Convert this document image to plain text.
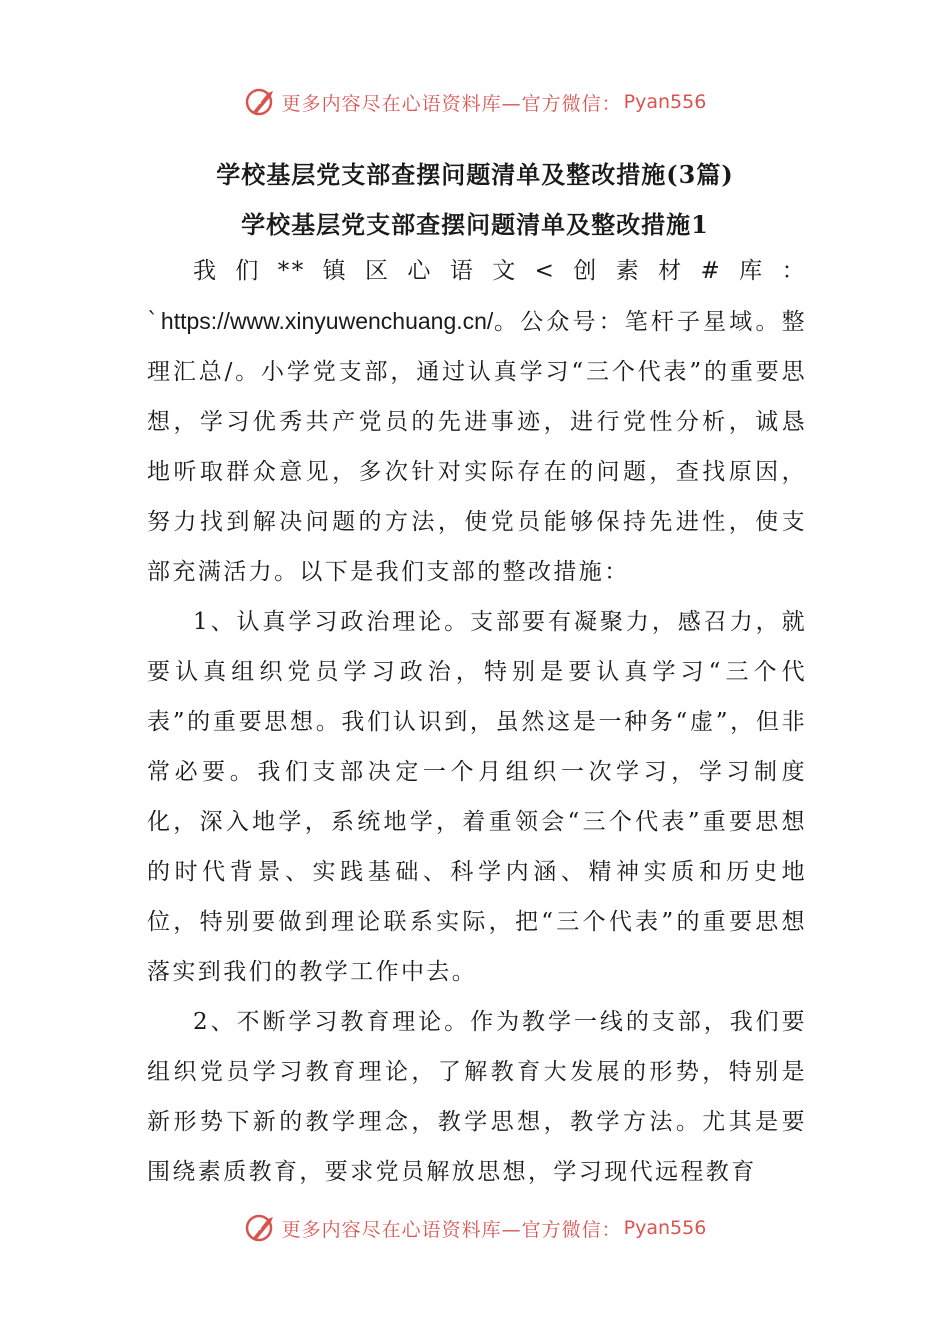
更多内容尽在心语资料库—官方微信： Pyan556
学校基层党支部查摆问题清单及整改措施(3篇)
学校基层党支部查摆问题清单及整改措施1

我们**镇区心语文<创素材#库： `https://www.xinyuwenchuang.cn/。公众号：笔杆子星域。整理汇总/。小学党支部，通过认真学习“三个代表”的重要思想，学习优秀共产党员的先进事迹，进行党性分析，诚恳地听取群众意见，多次针对实际存在的问题，查找原因，努力找到解决问题的方法，使党员能够保持先进性，使支部充满活力。以下是我们支部的整改措施：

1、认真学习政治理论。支部要有凝聚力，感召力，就要认真组织党员学习政治，特别是要认真学习“三个代表”的重要思想。我们认识到，虽然这是一种务“虚”，但非常必要。我们支部决定一个月组织一次学习，学习制度化，深入地学，系统地学，着重领会“三个代表”重要思想的时代背景、实践基础、科学内涵、精神实质和历史地位，特别要做到理论联系实际，把“三个代表”的重要思想落实到我们的教学工作中去。

2、不断学习教育理论。作为教学一线的支部，我们要组织党员学习教育理论，了解教育大发展的形势，特别是新形势下新的教学理念，教学思想，教学方法。尤其是要围绕素质教育，要求党员解放思想，学习现代远程教育

更多内容尽在心语资料库—官方微信： Pyan556
